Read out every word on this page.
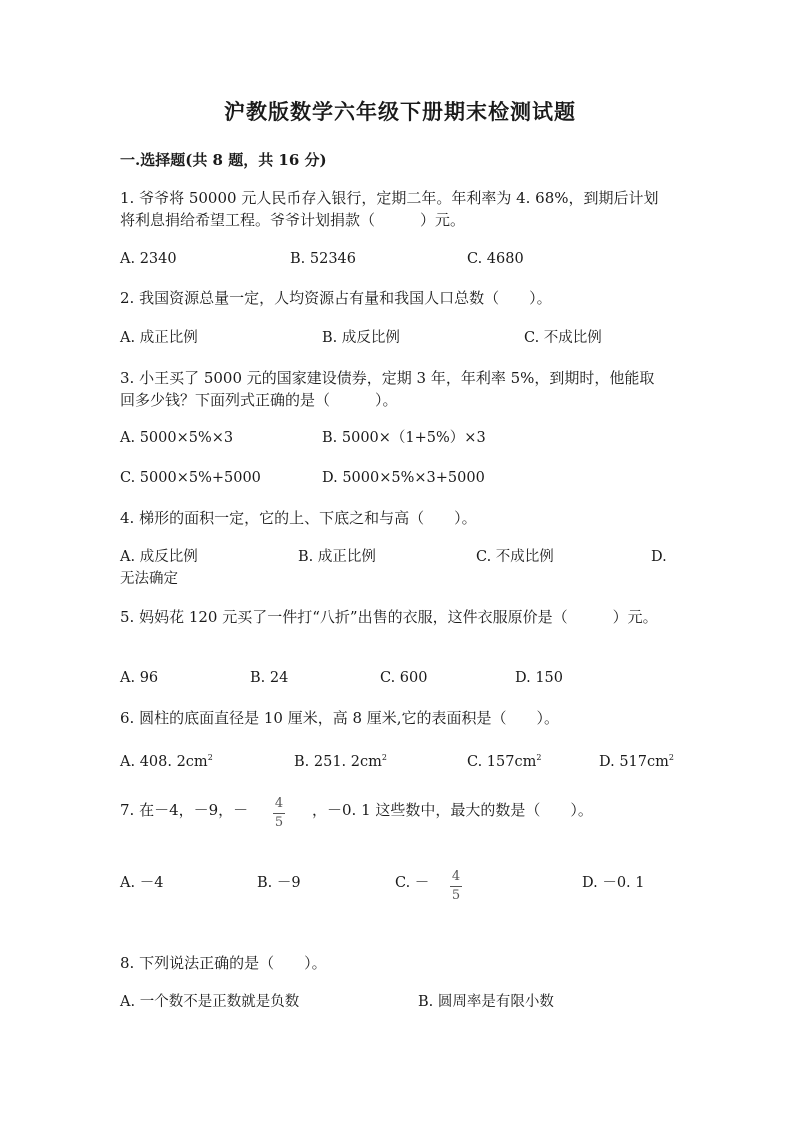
沪教版数学六年级下册期末检测试题
一.选择题(共 8 题，共 16 分)
1. 爷爷将 50000 元人民币存入银行，定期二年。年利率为 4. 68%，到期后计划将利息捐给希望工程。爷爷计划捐款（　　　）元。
A. 2340	B. 52346	C. 4680
2. 我国资源总量一定，人均资源占有量和我国人口总数（　　）。
A. 成正比例	B. 成反比例	C. 不成比例
3. 小王买了 5000 元的国家建设债券，定期 3 年，年利率 5%，到期时，他能取回多少钱？下面列式正确的是（　　　）。
A. 5000×5%×3	B. 5000×（1+5%）×3
C. 5000×5%+5000	D. 5000×5%×3+5000
4. 梯形的面积一定，它的上、下底之和与高（　　）。
A. 成反比例	B. 成正比例	C. 不成比例	D.
无法确定
5. 妈妈花 120 元买了一件打“八折”出售的衣服，这件衣服原价是（　　　）元。
A. 96	B. 24	C. 600	D. 150
6. 圆柱的底面直径是 10 厘米，高 8 厘米,它的表面积是（　　）。
A. 408. $2cm^2$	B. 251. $2cm^2$	C. $157cm^2$	D. $517cm^2$
7. 在－4，－9，－ 4
5
，－0. 1 这些数中，最大的数是（　　）。
A. －4	B. －9	C. － 4
5
D. －0. 1
8. 下列说法正确的是（　　）。
A. 一个数不是正数就是负数	B. 圆周率是有限小数
